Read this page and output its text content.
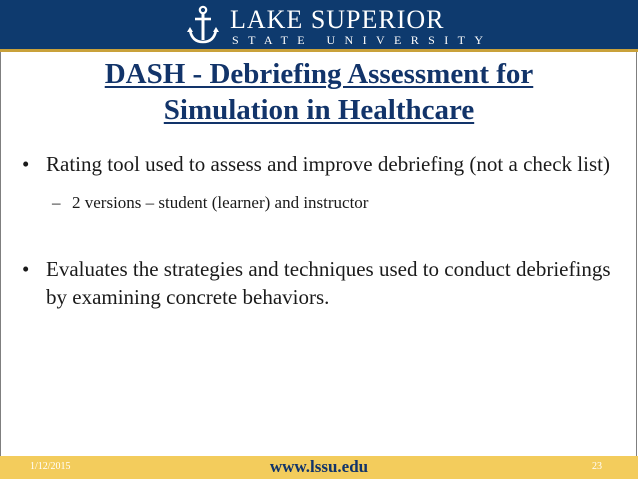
LAKE SUPERIOR
STATE UNIVERSITY
DASH - Debriefing Assessment for
Simulation in Healthcare
• Rating tool used to assess and improve debriefing (not a check list)
– 2 versions – student (learner) and instructor
• Evaluates the strategies and techniques used to conduct debriefings by examining concrete behaviors.
1/12/2015	www.lssu.edu	23
